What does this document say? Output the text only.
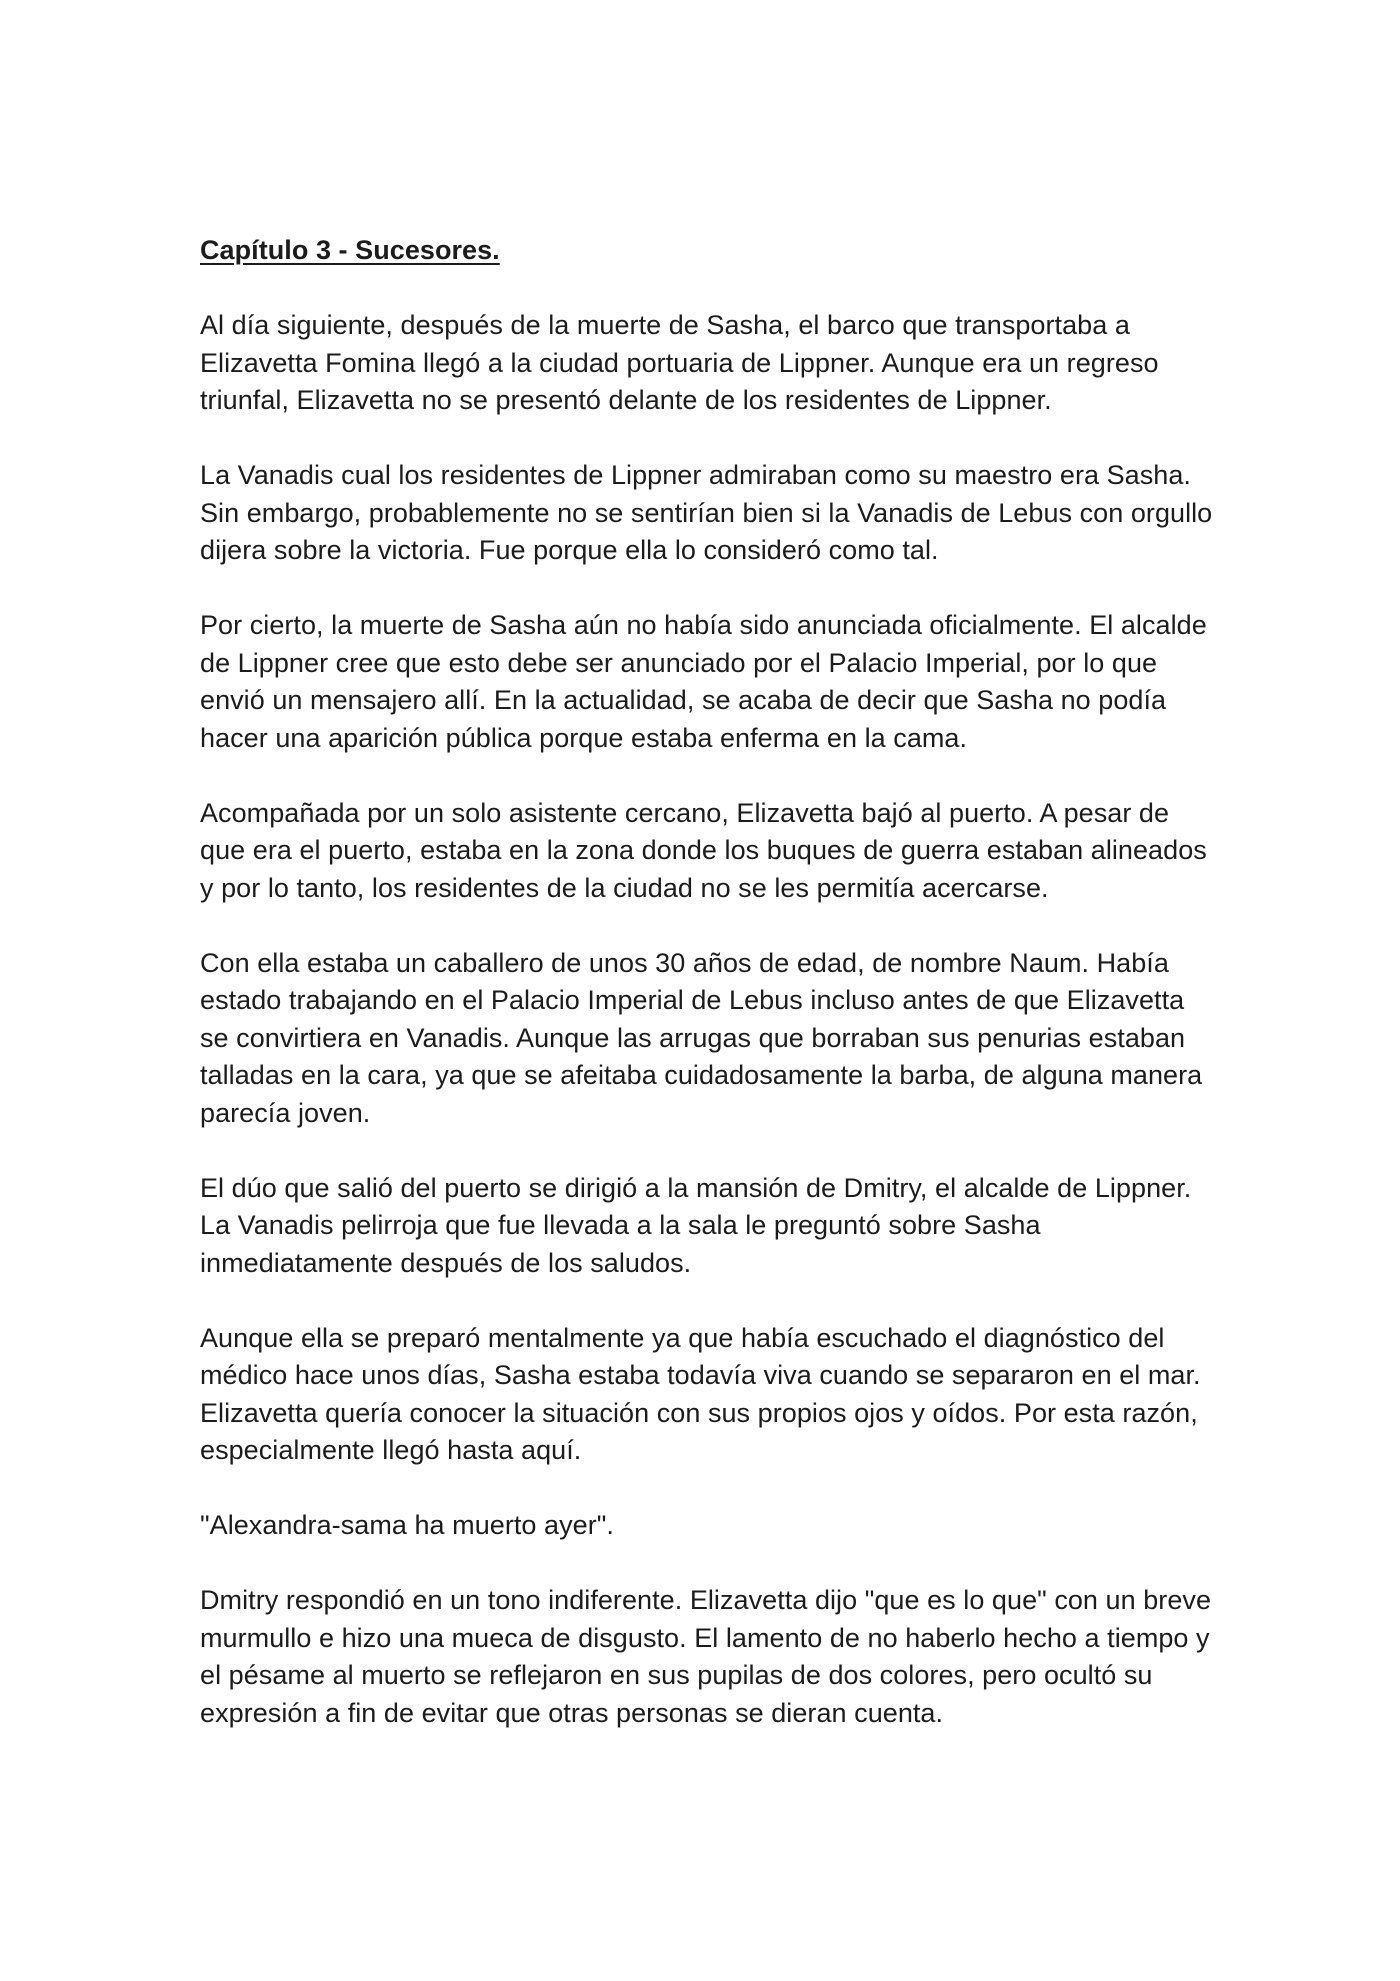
Capítulo 3 - Sucesores.

Al día siguiente, después de la muerte de Sasha, el barco que transportaba a Elizavetta Fomina llegó a la ciudad portuaria de Lippner. Aunque era un regreso triunfal, Elizavetta no se presentó delante de los residentes de Lippner.

La Vanadis cual los residentes de Lippner admiraban como su maestro era Sasha. Sin embargo, probablemente no se sentirían bien si la Vanadis de Lebus con orgullo dijera sobre la victoria. Fue porque ella lo consideró como tal.

Por cierto, la muerte de Sasha aún no había sido anunciada oficialmente. El alcalde de Lippner cree que esto debe ser anunciado por el Palacio Imperial, por lo que envió un mensajero allí. En la actualidad, se acaba de decir que Sasha no podía hacer una aparición pública porque estaba enferma en la cama.

Acompañada por un solo asistente cercano, Elizavetta bajó al puerto. A pesar de que era el puerto, estaba en la zona donde los buques de guerra estaban alineados y por lo tanto, los residentes de la ciudad no se les permitía acercarse.

Con ella estaba un caballero de unos 30 años de edad, de nombre Naum. Había estado trabajando en el Palacio Imperial de Lebus incluso antes de que Elizavetta se convirtiera en Vanadis. Aunque las arrugas que borraban sus penurias estaban talladas en la cara, ya que se afeitaba cuidadosamente la barba, de alguna manera parecía joven.

El dúo que salió del puerto se dirigió a la mansión de Dmitry, el alcalde de Lippner. La Vanadis pelirroja que fue llevada a la sala le preguntó sobre Sasha inmediatamente después de los saludos.

Aunque ella se preparó mentalmente ya que había escuchado el diagnóstico del médico hace unos días, Sasha estaba todavía viva cuando se separaron en el mar. Elizavetta quería conocer la situación con sus propios ojos y oídos. Por esta razón, especialmente llegó hasta aquí.

"Alexandra-sama ha muerto ayer".

Dmitry respondió en un tono indiferente. Elizavetta dijo "que es lo que" con un breve murmullo e hizo una mueca de disgusto. El lamento de no haberlo hecho a tiempo y el pésame al muerto se reflejaron en sus pupilas de dos colores, pero ocultó su expresión a fin de evitar que otras personas se dieran cuenta.
